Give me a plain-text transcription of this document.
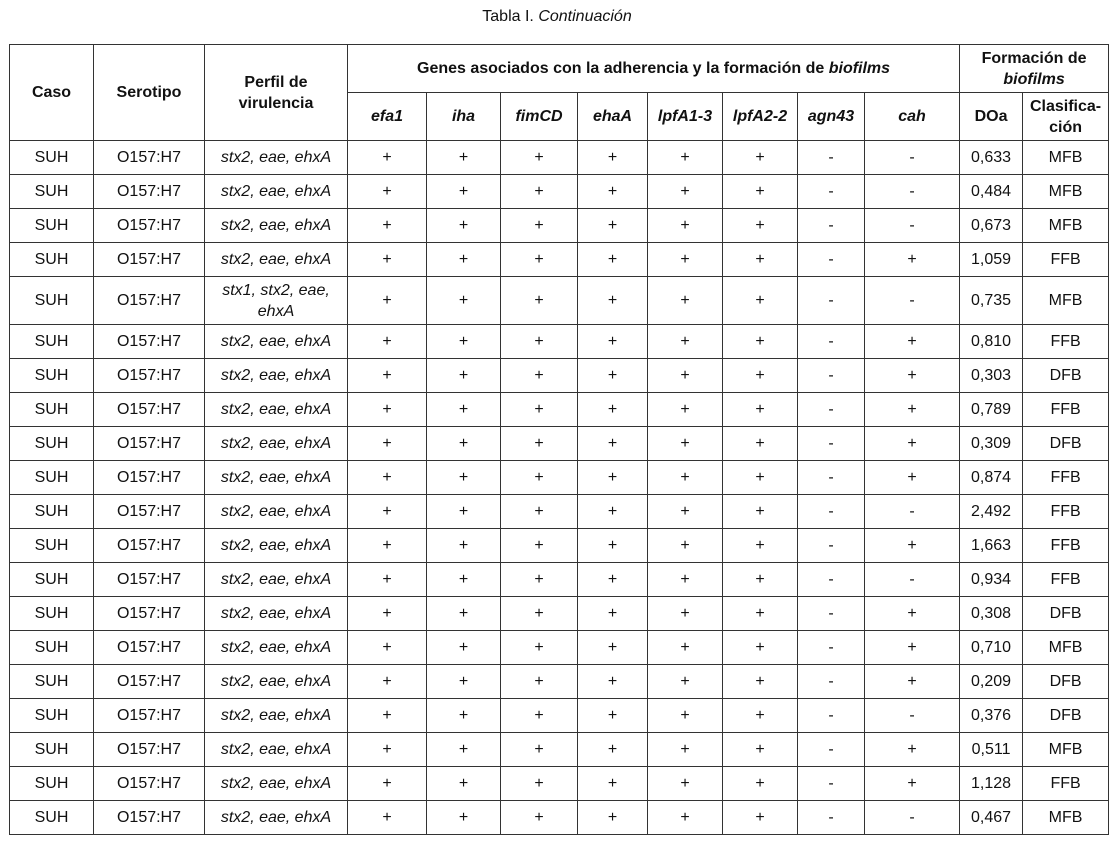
Tabla I. Continuación
Caso	Serotipo	Perfil de virulencia	Genes asociados con la adherencia y la formación de biofilms								Formación de
biofilms	
			efa1	iha	fimCD	ehaA	lpfA1-3	lpfA2-2	agn43	cah	DOa	Clasifica-ción
SUH	O157:H7	stx2, eae, ehxA	+	+	+	+	+	+	-	-	0,633	MFB
SUH	O157:H7	stx2, eae, ehxA	+	+	+	+	+	+	-	-	0,484	MFB
SUH	O157:H7	stx2, eae, ehxA	+	+	+	+	+	+	-	-	0,673	MFB
SUH	O157:H7	stx2, eae, ehxA	+	+	+	+	+	+	-	+	1,059	FFB
SUH	O157:H7	stx1, stx2, eae, ehxA	+	+	+	+	+	+	-	-	0,735	MFB
SUH	O157:H7	stx2, eae, ehxA	+	+	+	+	+	+	-	+	0,810	FFB
SUH	O157:H7	stx2, eae, ehxA	+	+	+	+	+	+	-	+	0,303	DFB
SUH	O157:H7	stx2, eae, ehxA	+	+	+	+	+	+	-	+	0,789	FFB
SUH	O157:H7	stx2, eae, ehxA	+	+	+	+	+	+	-	+	0,309	DFB
SUH	O157:H7	stx2, eae, ehxA	+	+	+	+	+	+	-	+	0,874	FFB
SUH	O157:H7	stx2, eae, ehxA	+	+	+	+	+	+	-	-	2,492	FFB
SUH	O157:H7	stx2, eae, ehxA	+	+	+	+	+	+	-	+	1,663	FFB
SUH	O157:H7	stx2, eae, ehxA	+	+	+	+	+	+	-	-	0,934	FFB
SUH	O157:H7	stx2, eae, ehxA	+	+	+	+	+	+	-	+	0,308	DFB
SUH	O157:H7	stx2, eae, ehxA	+	+	+	+	+	+	-	+	0,710	MFB
SUH	O157:H7	stx2, eae, ehxA	+	+	+	+	+	+	-	+	0,209	DFB
SUH	O157:H7	stx2, eae, ehxA	+	+	+	+	+	+	-	-	0,376	DFB
SUH	O157:H7	stx2, eae, ehxA	+	+	+	+	+	+	-	+	0,511	MFB
SUH	O157:H7	stx2, eae, ehxA	+	+	+	+	+	+	-	+	1,128	FFB
SUH	O157:H7	stx2, eae, ehxA	+	+	+	+	+	+	-	-	0,467	MFB
